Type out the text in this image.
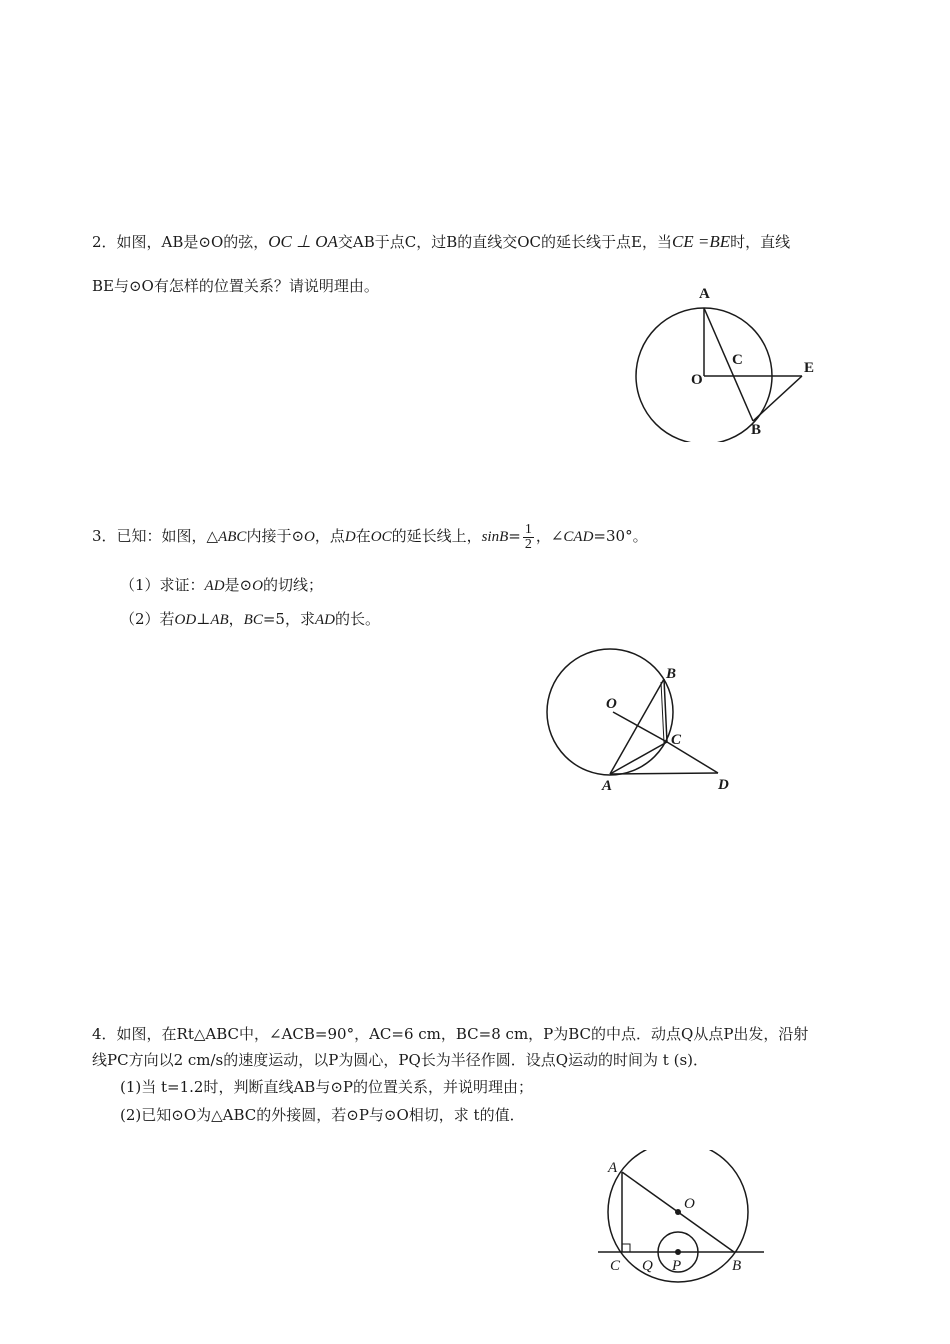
2．如图，AB是⊙O的弦，OC ⊥ OA交AB于点C，过B的直线交OC的延长线于点E，当CE =BE时，直线
BE与⊙O有怎样的位置关系？请说明理由。	A
O
C	E
B
3．已知：如图，△ABC内接于⊙O，点D在OC的延长线上，$\sin B= \frac{1}{2}$ ，∠CAD=30°。
（1）求证：AD是⊙O的切线；
（2）若OD⊥AB，BC=5，求AD的长。
O
B
C
A	D
4．如图，在Rt△ABC中，∠ACB=90°，AC=6 cm，BC=8 cm，P为BC的中点．动点Q从点P出发，沿射
线PC方向以2 cm/s的速度运动，以P为圆心，PQ长为半径作圆．设点Q运动的时间为 t (s)．
(1)当 t=1.2时，判断直线AB与⊙P的位置关系，并说明理由；
(2)已知⊙O为△ABC的外接圆，若⊙P与⊙O相切，求 t的值．
A
O
C Q P	B
